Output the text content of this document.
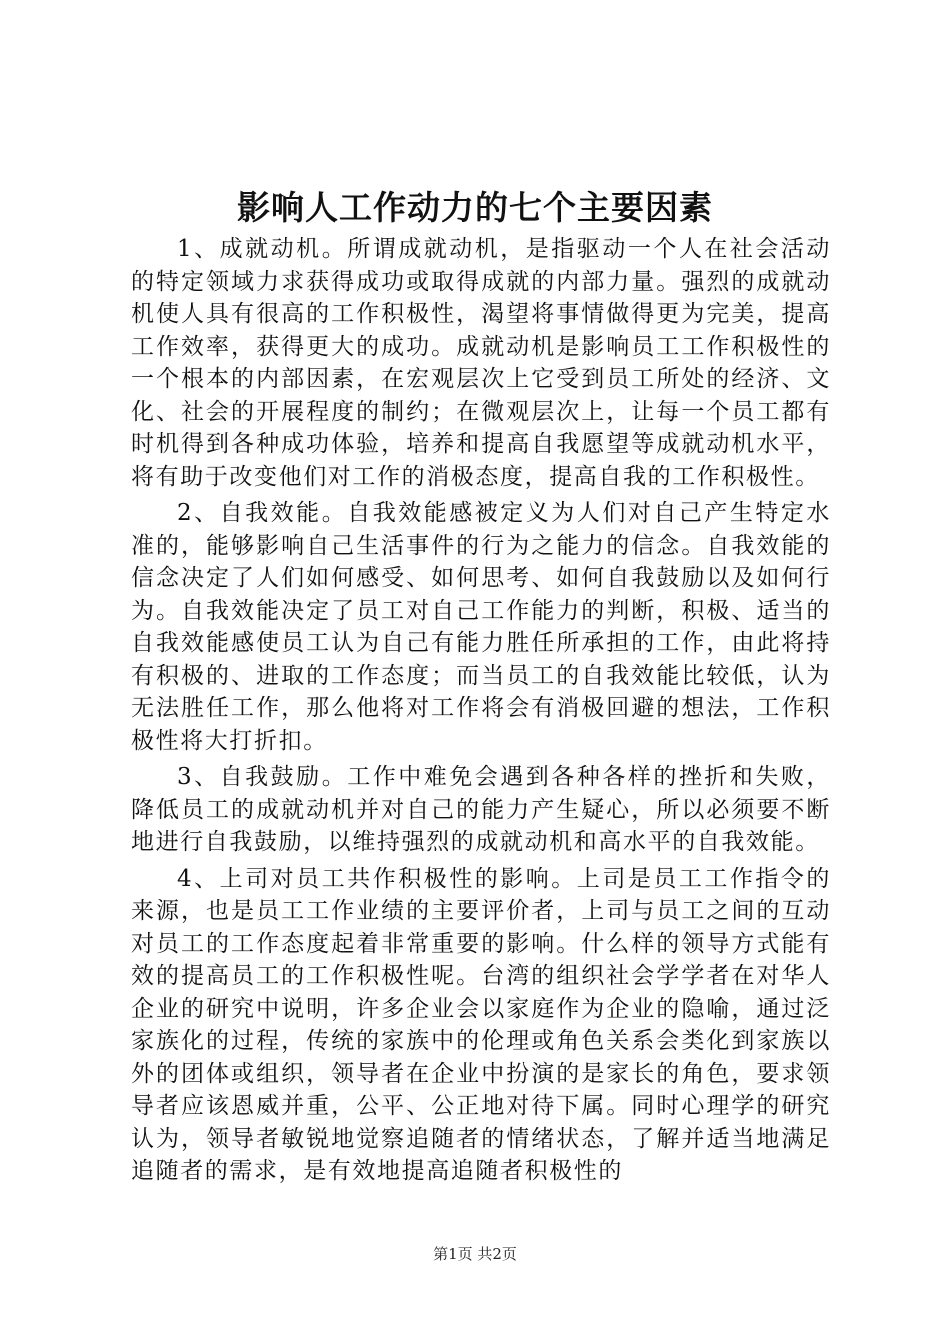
影响人工作动力的七个主要因素

1、成就动机。所谓成就动机，是指驱动一个人在社会活动的特定领域力求获得成功或取得成就的内部力量。强烈的成就动机使人具有很高的工作积极性，渴望将事情做得更为完美，提高工作效率，获得更大的成功。成就动机是影响员工工作积极性的一个根本的内部因素，在宏观层次上它受到员工所处的经济、文化、社会的开展程度的制约；在微观层次上，让每一个员工都有时机得到各种成功体验，培养和提高自我愿望等成就动机水平，将有助于改变他们对工作的消极态度，提高自我的工作积极性。

2、自我效能。自我效能感被定义为人们对自己产生特定水准的，能够影响自己生活事件的行为之能力的信念。自我效能的信念决定了人们如何感受、如何思考、如何自我鼓励以及如何行为。自我效能决定了员工对自己工作能力的判断，积极、适当的自我效能感使员工认为自己有能力胜任所承担的工作，由此将持有积极的、进取的工作态度；而当员工的自我效能比较低，认为无法胜任工作，那么他将对工作将会有消极回避的想法，工作积极性将大打折扣。

3、自我鼓励。工作中难免会遇到各种各样的挫折和失败，降低员工的成就动机并对自己的能力产生疑心，所以必须要不断地进行自我鼓励，以维持强烈的成就动机和高水平的自我效能。

4、上司对员工共作积极性的影响。上司是员工工作指令的来源，也是员工工作业绩的主要评价者，上司与员工之间的互动对员工的工作态度起着非常重要的影响。什么样的领导方式能有效的提高员工的工作积极性呢。台湾的组织社会学学者在对华人企业的研究中说明，许多企业会以家庭作为企业的隐喻，通过泛家族化的过程，传统的家族中的伦理或角色关系会类化到家族以外的团体或组织，领导者在企业中扮演的是家长的角色，要求领导者应该恩威并重，公平、公正地对待下属。同时心理学的研究认为，领导者敏锐地觉察追随者的情绪状态，了解并适当地满足追随者的需求，是有效地提高追随者积极性的

第1页 共2页
